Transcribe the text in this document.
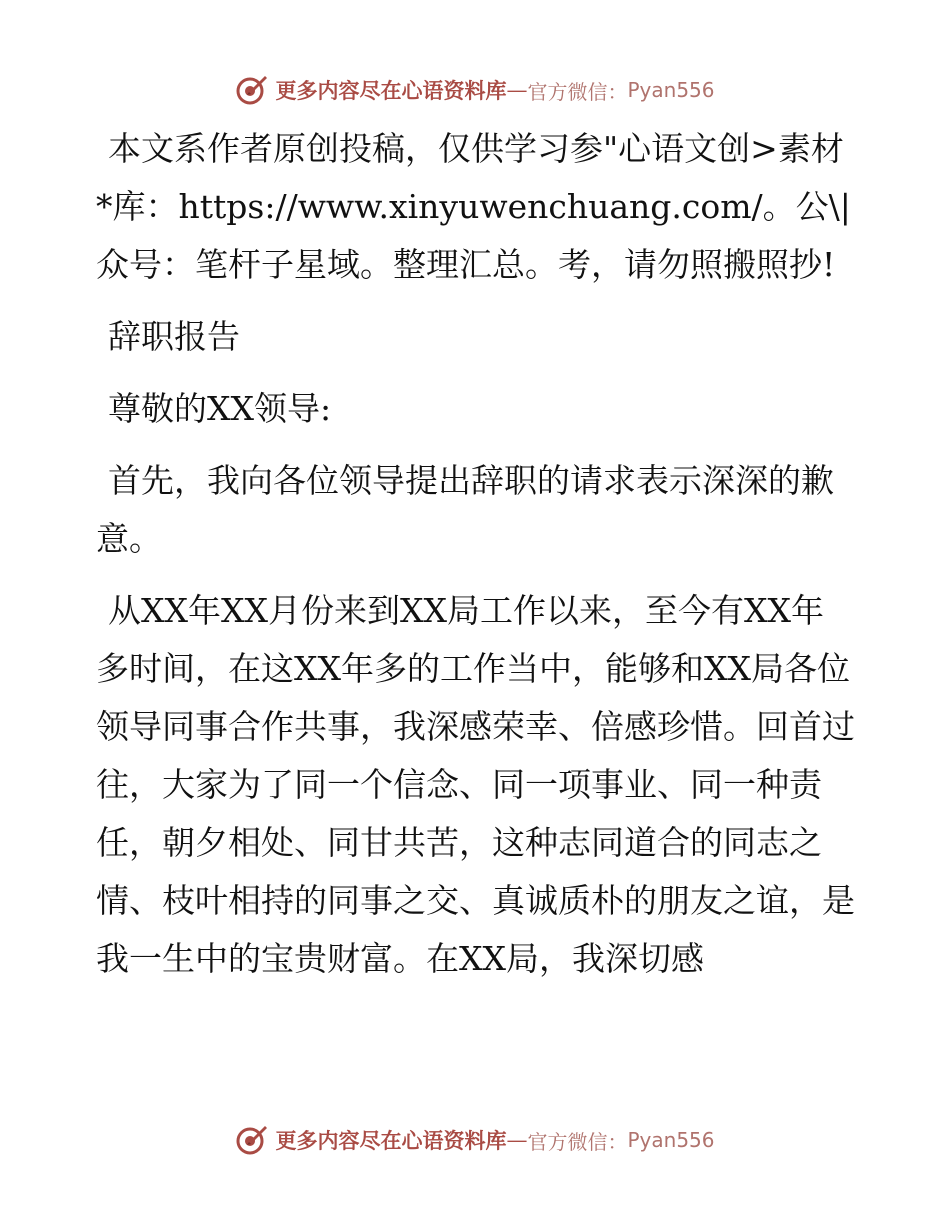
更多内容尽在心语资料库 — 官方微信： Pyan556

本文系作者原创投稿，仅供学习参"心语文创>素材*库：https://www.xinyuwenchuang.com/。公\|众号：笔杆子星域。整理汇总。考，请勿照搬照抄!

辞职报告

尊敬的XX领导:

首先，我向各位领导提出辞职的请求表示深深的歉意。

从XX年XX月份来到XX局工作以来，至今有XX年多时间，在这XX年多的工作当中，能够和XX局各位领导同事合作共事，我深感荣幸、倍感珍惜。回首过往，大家为了同一个信念、同一项事业、同一种责任，朝夕相处、同甘共苦，这种志同道合的同志之情、枝叶相持的同事之交、真诚质朴的朋友之谊，是我一生中的宝贵财富。在XX局，我深切感

更多内容尽在心语资料库 — 官方微信： Pyan556
